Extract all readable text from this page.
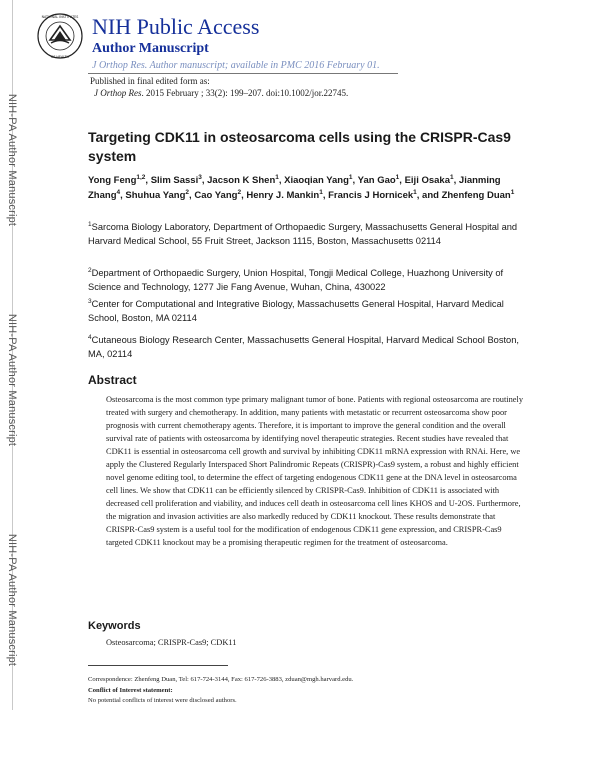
NIH-PA Author Manuscript
NIH-PA Author Manuscript
NIH-PA Author Manuscript
NATIONAL INSTITUTES
OF HEALTH
NIH Public Access
Author Manuscript
J Orthop Res. Author manuscript; available in PMC 2016 February 01.
Published in final edited form as:
J Orthop Res. 2015 February ; 33(2): 199–207. doi:10.1002/jor.22745.
Targeting CDK11 in osteosarcoma cells using the CRISPR-Cas9 system
Yong Feng$^{1,2}$, Slim Sassi$^3$, Jacson K Shen$^1$, Xiaoqian Yang$^1$, Yan Gao$^1$, Eiji Osaka$^1$, Jianming Zhang$^4$, Shuhua Yang$^2$, Cao Yang$^2$, Henry J. Mankin$^1$, Francis J Hornicek$^1$, and Zhenfeng Duan$^1$
$^1$Sarcoma Biology Laboratory, Department of Orthopaedic Surgery, Massachusetts General Hospital and Harvard Medical School, 55 Fruit Street, Jackson 1115, Boston, Massachusetts 02114
$^2$Department of Orthopaedic Surgery, Union Hospital, Tongji Medical College, Huazhong University of Science and Technology, 1277 Jie Fang Avenue, Wuhan, China, 430022
$^3$Center for Computational and Integrative Biology, Massachusetts General Hospital, Harvard Medical School, Boston, MA 02114
$^4$Cutaneous Biology Research Center, Massachusetts General Hospital, Harvard Medical School Boston, MA, 02114
Abstract
Osteosarcoma is the most common type primary malignant tumor of bone. Patients with regional osteosarcoma are routinely treated with surgery and chemotherapy. In addition, many patients with metastatic or recurrent osteosarcoma show poor prognosis with current chemotherapy agents. Therefore, it is important to improve the general condition and the overall survival rate of patients with osteosarcoma by identifying novel therapeutic strategies. Recent studies have revealed that CDK11 is essential in osteosarcoma cell growth and survival by inhibiting CDK11 mRNA expression with RNAi. Here, we apply the Clustered Regularly Interspaced Short Palindromic Repeats (CRISPR)-Cas9 system, a robust and highly efficient novel genome editing tool, to determine the effect of targeting endogenous CDK11 gene at the DNA level in osteosarcoma cell lines. We show that CDK11 can be efficiently silenced by CRISPR-Cas9. Inhibition of CDK11 is associated with decreased cell proliferation and viability, and induces cell death in osteosarcoma cell lines KHOS and U-2OS. Furthermore, the migration and invasion activities are also markedly reduced by CDK11 knockout. These results demonstrate that CRISPR-Cas9 system is a useful tool for the modification of endogenous CDK11 gene expression, and CRISPR-Cas9 targeted CDK11 knockout may be a promising therapeutic regimen for the treatment of osteosarcoma.
Keywords
Osteosarcoma; CRISPR-Cas9; CDK11
Correspondence: Zhenfeng Duan, Tel: 617-724-3144, Fax: 617-726-3883, zduan@mgh.harvard.edu.
Conflict of Interest statement:
No potential conflicts of interest were disclosed authors.
